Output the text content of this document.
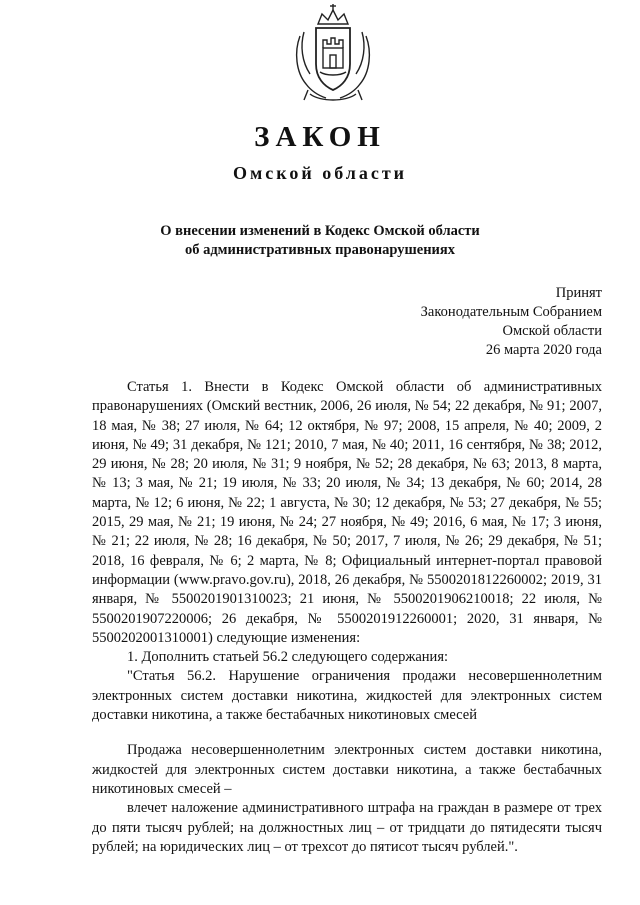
ЗАКОН
Омской области
О внесении изменений в Кодекс Омской области
об административных правонарушениях
Принят
Законодательным Собранием
Омской области
26 марта 2020 года

Статья 1. Внести в Кодекс Омской области об административных правонарушениях (Омский вестник, 2006, 26 июля, № 54; 22 декабря, № 91; 2007, 18 мая, № 38; 27 июля, № 64; 12 октября, № 97; 2008, 15 апреля, № 40; 2009, 2 июня, № 49; 31 декабря, № 121; 2010, 7 мая, № 40; 2011, 16 сентября, № 38; 2012, 29 июня, № 28; 20 июля, № 31; 9 ноября, № 52; 28 декабря, № 63; 2013, 8 марта, № 13; 3 мая, № 21; 19 июля, № 33; 20 июля, № 34; 13 декабря, № 60; 2014, 28 марта, № 12; 6 июня, № 22; 1 августа, № 30; 12 декабря, № 53; 27 декабря, № 55; 2015, 29 мая, № 21; 19 июня, № 24; 27 ноября, № 49; 2016, 6 мая, № 17; 3 июня, № 21; 22 июля, № 28; 16 декабря, № 50; 2017, 7 июля, № 26; 29 декабря, № 51; 2018, 16 февраля, № 6; 2 марта, № 8; Официальный интернет-портал правовой информации (www.pravo.gov.ru), 2018, 26 декабря, № 5500201812260002; 2019, 31 января, № 5500201901310023; 21 июня, № 5500201906210018; 22 июля, № 5500201907220006; 26 декабря, № 5500201912260001; 2020, 31 января, № 5500202001310001) следующие изменения:

1. Дополнить статьей 56.2 следующего содержания:

"Статья 56.2. Нарушение ограничения продажи несовершеннолетним электронных систем доставки никотина, жидкостей для электронных систем доставки никотина, а также бестабачных никотиновых смесей

Продажа несовершеннолетним электронных систем доставки никотина, жидкостей для электронных систем доставки никотина, а также бестабачных никотиновых смесей –

влечет наложение административного штрафа на граждан в размере от трех до пяти тысяч рублей; на должностных лиц – от тридцати до пятидесяти тысяч рублей; на юридических лиц – от трехсот до пятисот тысяч рублей.".
